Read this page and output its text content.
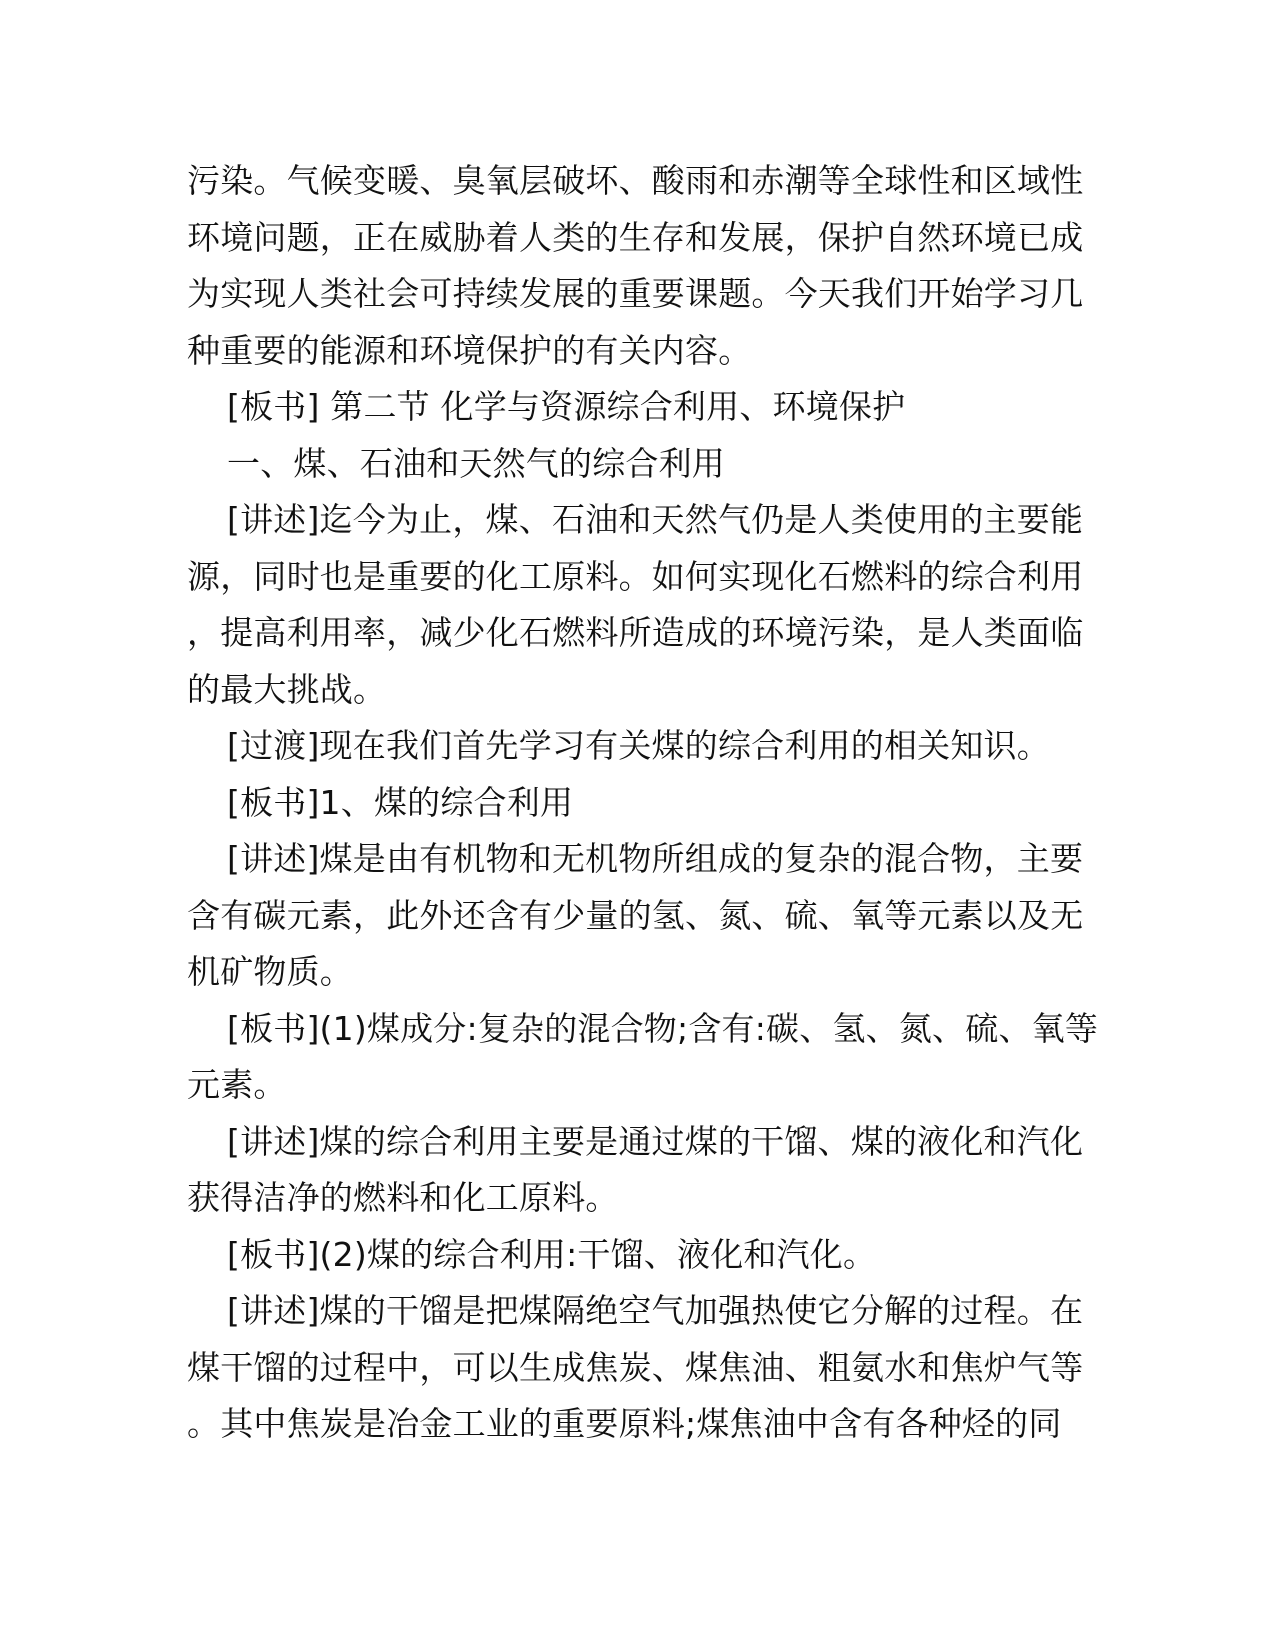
污染。气候变暖、臭氧层破坏、酸雨和赤潮等全球性和区域性
环境问题，正在威胁着人类的生存和发展，保护自然环境已成
为实现人类社会可持续发展的重要课题。今天我们开始学习几
种重要的能源和环境保护的有关内容。
[板书] 第二节 化学与资源综合利用、环境保护
一、煤、石油和天然气的综合利用
[讲述]迄今为止，煤、石油和天然气仍是人类使用的主要能
源，同时也是重要的化工原料。如何实现化石燃料的综合利用
，提高利用率，减少化石燃料所造成的环境污染，是人类面临
的最大挑战。
[过渡]现在我们首先学习有关煤的综合利用的相关知识。
[板书]1、煤的综合利用
[讲述]煤是由有机物和无机物所组成的复杂的混合物，主要
含有碳元素，此外还含有少量的氢、氮、硫、氧等元素以及无
机矿物质。
[板书](1)煤成分:复杂的混合物;含有:碳、氢、氮、硫、氧等
元素。
[讲述]煤的综合利用主要是通过煤的干馏、煤的液化和汽化
获得洁净的燃料和化工原料。
[板书](2)煤的综合利用:干馏、液化和汽化。
[讲述]煤的干馏是把煤隔绝空气加强热使它分解的过程。在
煤干馏的过程中，可以生成焦炭、煤焦油、粗氨水和焦炉气等
。其中焦炭是冶金工业的重要原料;煤焦油中含有各种烃的同
